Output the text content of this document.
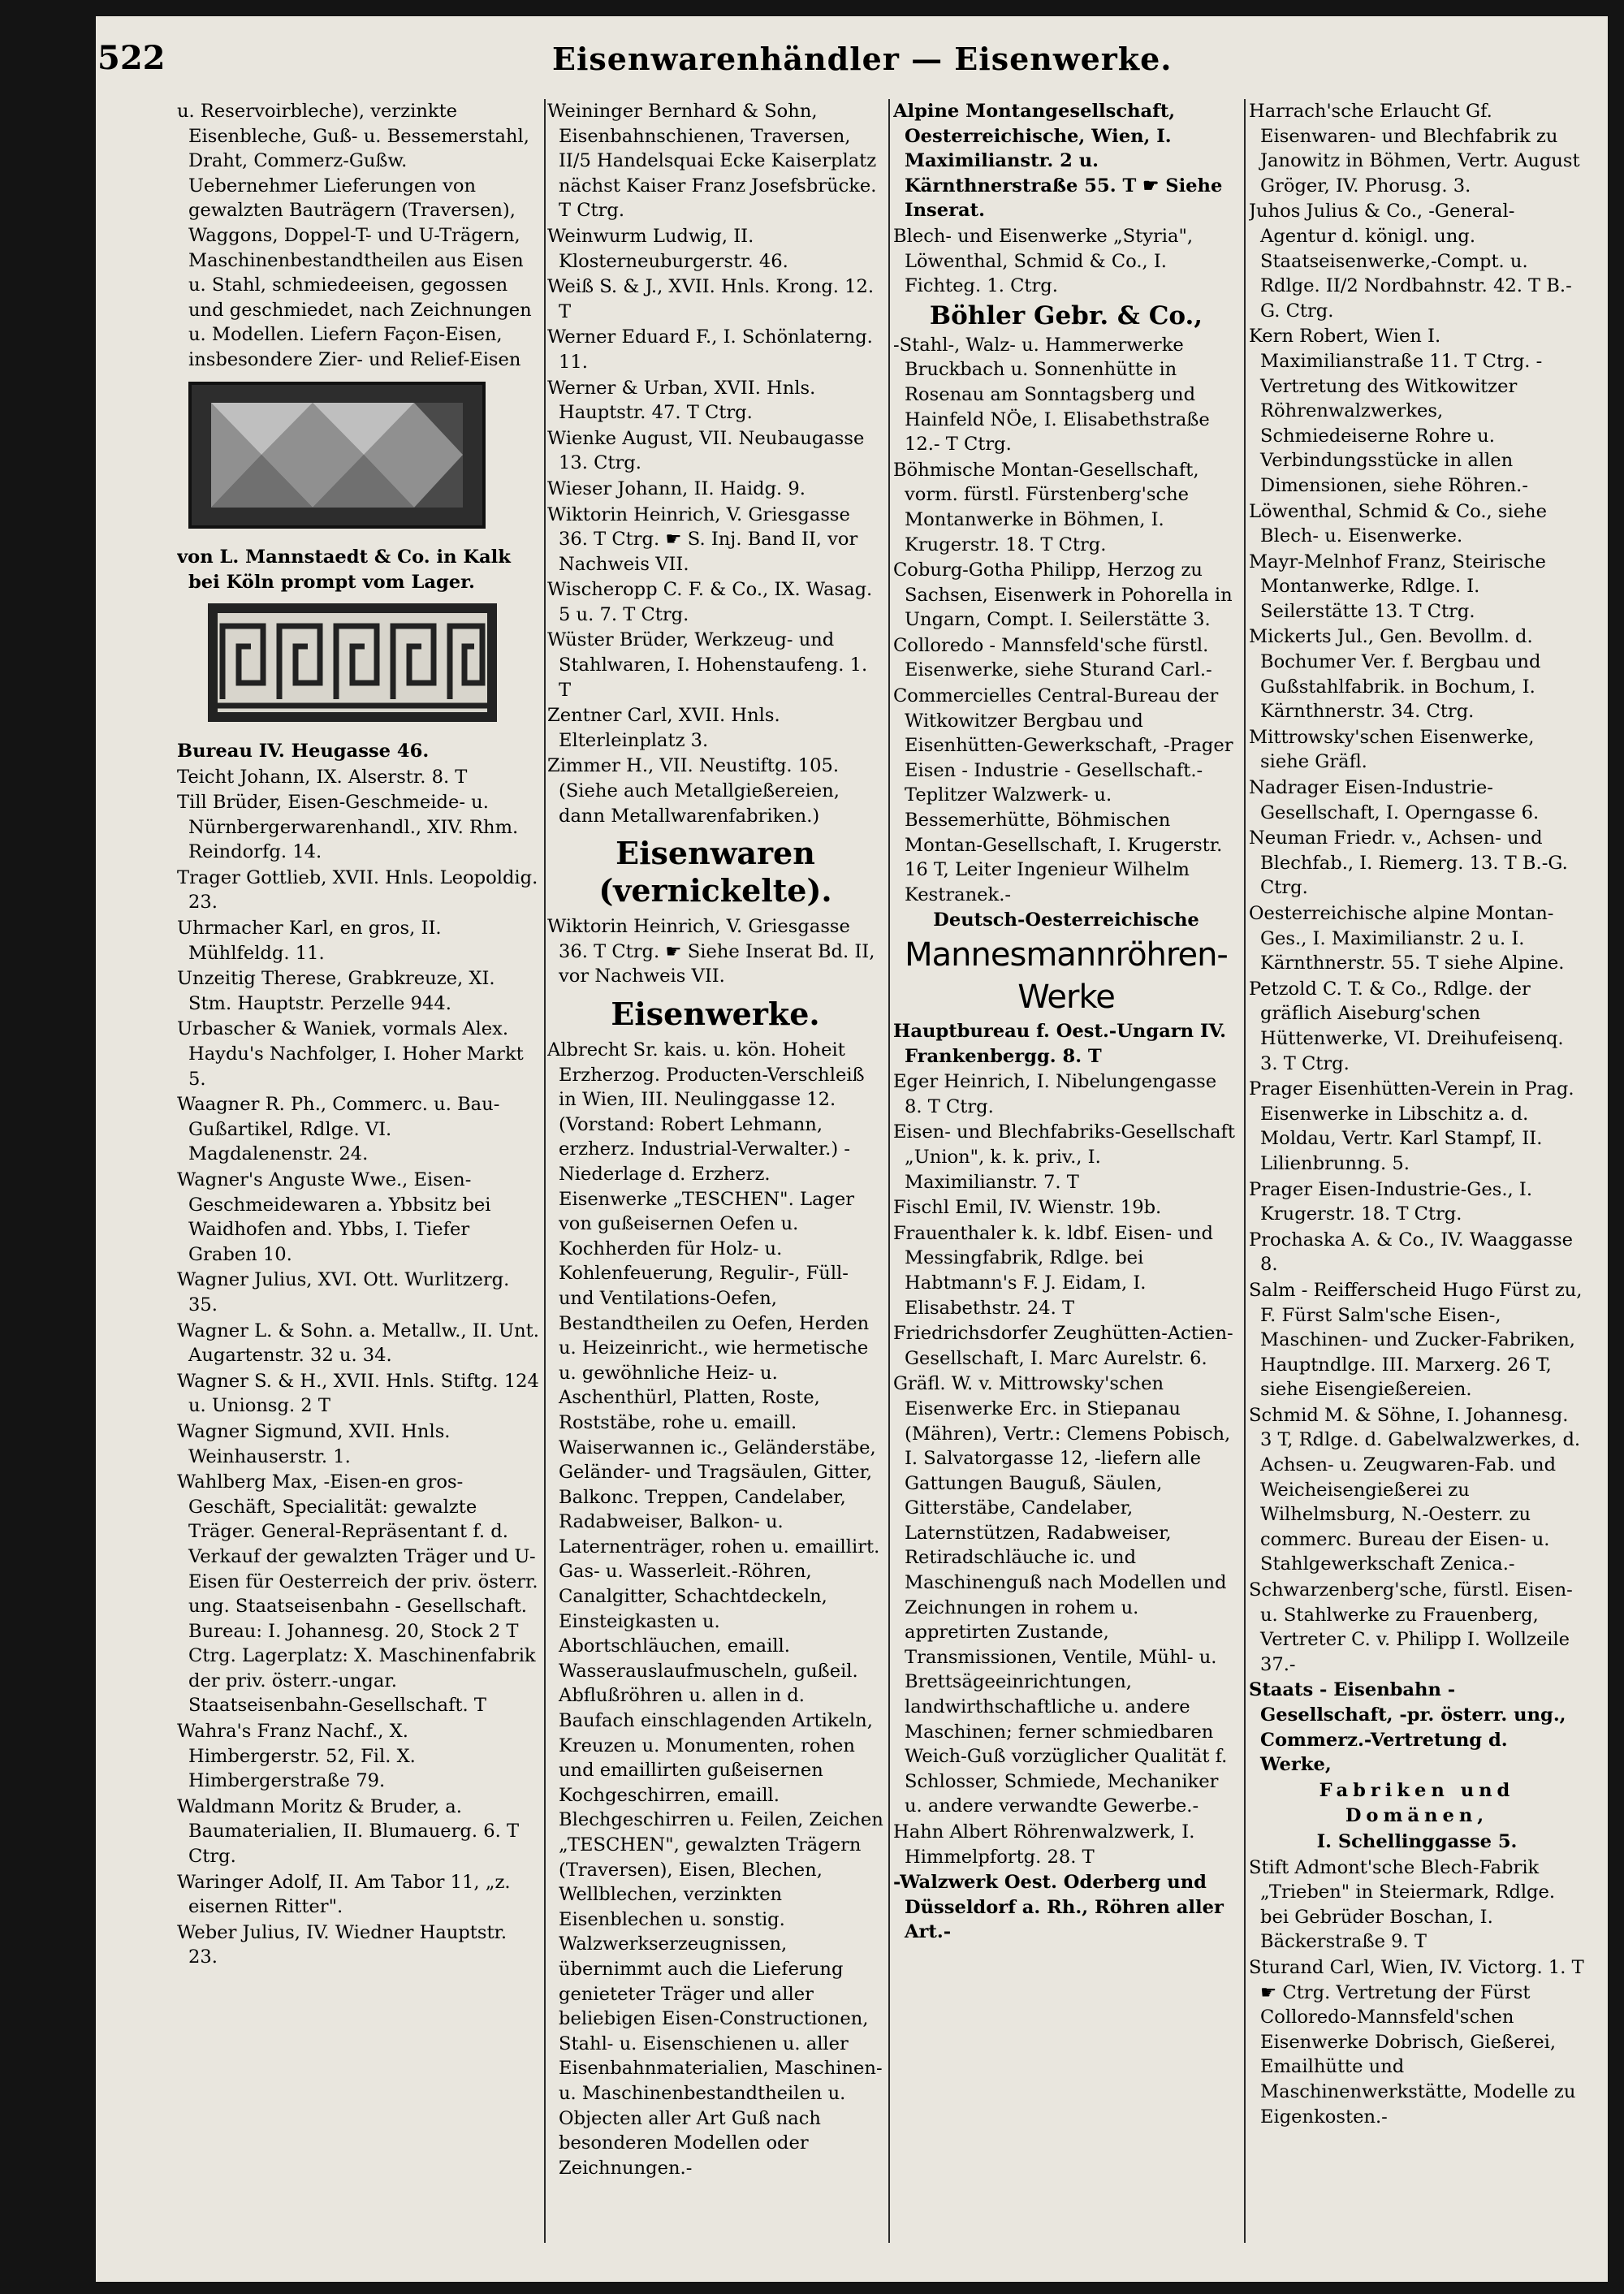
522	Eisenwarenhändler — Eisenwerke.

u. Reservoirbleche), verzinkte Eisenbleche, Guß- u. Bessemerstahl, Draht, Commerz-Gußw. Uebernehmer Lieferungen von gewalzten Bauträgern (Traversen), Waggons, Doppel-T- und U-Trägern, Maschinenbestandtheilen aus Eisen u. Stahl, schmiedeeisen, gegossen und geschmiedet, nach Zeichnungen u. Modellen. Liefern Façon-Eisen, insbesondere Zier- und Relief-Eisen

von L. Mannstaedt & Co. in Kalk bei Köln prompt vom Lager.

Bureau IV. Heugasse 46.

Teicht Johann, IX. Alserstr. 8. T

Till Brüder, Eisen-Geschmeide- u. Nürnbergerwarenhandl., XIV. Rhm. Reindorfg. 14.

Trager Gottlieb, XVII. Hnls. Leopoldig. 23.

Uhrmacher Karl, en gros, II. Mühlfeldg. 11.

Unzeitig Therese, Grabkreuze, XI. Stm. Hauptstr. Perzelle 944.

Urbascher & Waniek, vormals Alex. Haydu's Nachfolger, I. Hoher Markt 5.

Waagner R. Ph., Commerc. u. Bau-Gußartikel, Rdlge. VI. Magdalenenstr. 24.

Wagner's Anguste Wwe., Eisen-Geschmeidewaren a. Ybbsitz bei Waidhofen and. Ybbs, I. Tiefer Graben 10.

Wagner Julius, XVI. Ott. Wurlitzerg. 35.

Wagner L. & Sohn. a. Metallw., II. Unt. Augartenstr. 32 u. 34.

Wagner S. & H., XVII. Hnls. Stiftg. 124 u. Unionsg. 2 T

Wagner Sigmund, XVII. Hnls. Weinhauserstr. 1.

Wahlberg Max, -Eisen-en gros-Geschäft, Specialität: gewalzte Träger. General-Repräsentant f. d. Verkauf der gewalzten Träger und U-Eisen für Oesterreich der priv. österr. ung. Staatseisenbahn - Gesellschaft. Bureau: I. Johannesg. 20, Stock 2 T Ctrg. Lagerplatz: X. Maschinenfabrik der priv. österr.-ungar. Staatseisenbahn-Gesellschaft. T

Wahra's Franz Nachf., X. Himbergerstr. 52, Fil. X. Himbergerstraße 79.

Waldmann Moritz & Bruder, a. Baumaterialien, II. Blumauerg. 6. T Ctrg.

Waringer Adolf, II. Am Tabor 11, „z. eisernen Ritter".

Weber Julius, IV. Wiedner Hauptstr. 23.

Weininger Bernhard & Sohn, Eisenbahnschienen, Traversen, II/5 Handelsquai Ecke Kaiserplatz nächst Kaiser Franz Josefsbrücke. T Ctrg.

Weinwurm Ludwig, II. Klosterneuburgerstr. 46.

Weiß S. & J., XVII. Hnls. Krong. 12. T

Werner Eduard F., I. Schönlaterng. 11.

Werner & Urban, XVII. Hnls. Hauptstr. 47. T Ctrg.

Wienke August, VII. Neubaugasse 13. Ctrg.

Wieser Johann, II. Haidg. 9.

Wiktorin Heinrich, V. Griesgasse 36. T Ctrg. ☛ S. Inj. Band II, vor Nachweis VII.

Wischeropp C. F. & Co., IX. Wasag. 5 u. 7. T Ctrg.

Wüster Brüder, Werkzeug- und Stahlwaren, I. Hohenstaufeng. 1. T

Zentner Carl, XVII. Hnls. Elterleinplatz 3.

Zimmer H., VII. Neustiftg. 105. (Siehe auch Metallgießereien, dann Metallwarenfabriken.)

Eisenwaren (vernickelte).

Wiktorin Heinrich, V. Griesgasse 36. T Ctrg. ☛ Siehe Inserat Bd. II, vor Nachweis VII.

Eisenwerke.

Albrecht Sr. kais. u. kön. Hoheit Erzherzog. Producten-Verschleiß in Wien, III. Neulinggasse 12. (Vorstand: Robert Lehmann, erzherz. Industrial-Verwalter.) -Niederlage d. Erzherz. Eisenwerke „TESCHEN". Lager von gußeisernen Oefen u. Kochherden für Holz- u. Kohlenfeuerung, Regulir-, Füll- und Ventilations-Oefen, Bestandtheilen zu Oefen, Herden u. Heizeinricht., wie hermetische u. gewöhnliche Heiz- u. Aschenthürl, Platten, Roste, Roststäbe, rohe u. emaill. Waiserwannen ic., Geländerstäbe, Geländer- und Tragsäulen, Gitter, Balkonc. Treppen, Candelaber, Radabweiser, Balkon- u. Laternenträger, rohen u. emaillirt. Gas- u. Wasserleit.-Röhren, Canalgitter, Schachtdeckeln, Einsteigkasten u. Abortschläuchen, emaill. Wasserauslaufmuscheln, gußeil. Abflußröhren u. allen in d. Baufach einschlagenden Artikeln, Kreuzen u. Monumenten, rohen und emaillirten gußeisernen Kochgeschirren, emaill. Blechgeschirren u. Feilen, Zeichen „TESCHEN", gewalzten Trägern (Traversen), Eisen, Blechen, Wellblechen, verzinkten Eisenblechen u. sonstig. Walzwerkserzeugnissen, übernimmt auch die Lieferung genieteter Träger und aller beliebigen Eisen-Constructionen, Stahl- u. Eisenschienen u. aller Eisenbahnmaterialien, Maschinen- u. Maschinenbestandtheilen u. Objecten aller Art Guß nach besonderen Modellen oder Zeichnungen.-

Alpine Montangesellschaft, Oesterreichische, Wien, I. Maximilianstr. 2 u. Kärnthnerstraße 55. T ☛ Siehe Inserat.

Blech- und Eisenwerke „Styria", Löwenthal, Schmid & Co., I. Fichteg. 1. Ctrg.

Böhler Gebr. & Co.,

-Stahl-, Walz- u. Hammerwerke Bruckbach u. Sonnenhütte in Rosenau am Sonntagsberg und Hainfeld NÖe, I. Elisabethstraße 12.- T Ctrg.

Böhmische Montan-Gesellschaft, vorm. fürstl. Fürstenberg'sche Montanwerke in Böhmen, I. Krugerstr. 18. T Ctrg.

Coburg-Gotha Philipp, Herzog zu Sachsen, Eisenwerk in Pohorella in Ungarn, Compt. I. Seilerstätte 3.

Colloredo - Mannsfeld'sche fürstl. Eisenwerke, siehe Sturand Carl.-

Commercielles Central-Bureau der Witkowitzer Bergbau und Eisenhütten-Gewerkschaft, -Prager Eisen - Industrie - Gesellschaft.- Teplitzer Walzwerk- u. Bessemerhütte, Böhmischen Montan-Gesellschaft, I. Krugerstr. 16 T, Leiter Ingenieur Wilhelm Kestranek.-

Deutsch-Oesterreichische

Mannesmannröhren-Werke

Hauptbureau f. Oest.-Ungarn IV. Frankenbergg. 8. T

Eger Heinrich, I. Nibelungengasse 8. T Ctrg.

Eisen- und Blechfabriks-Gesellschaft „Union", k. k. priv., I. Maximilianstr. 7. T

Fischl Emil, IV. Wienstr. 19b.

Frauenthaler k. k. ldbf. Eisen- und Messingfabrik, Rdlge. bei Habtmann's F. J. Eidam, I. Elisabethstr. 24. T

Friedrichsdorfer Zeughütten-Actien-Gesellschaft, I. Marc Aurelstr. 6.

Gräfl. W. v. Mittrowsky'schen Eisenwerke Erc. in Stiepanau (Mähren), Vertr.: Clemens Pobisch, I. Salvatorgasse 12, -liefern alle Gattungen Bauguß, Säulen, Gitterstäbe, Candelaber, Laternstützen, Radabweiser, Retiradschläuche ic. und Maschinenguß nach Modellen und Zeichnungen in rohem u. appretirten Zustande, Transmissionen, Ventile, Mühl- u. Brettsägeeinrichtungen, landwirthschaftliche u. andere Maschinen; ferner schmiedbaren Weich-Guß vorzüglicher Qualität f. Schlosser, Schmiede, Mechaniker u. andere verwandte Gewerbe.-

Hahn Albert Röhrenwalzwerk, I. Himmelpfortg. 28. T

-Walzwerk Oest. Oderberg und Düsseldorf a. Rh., Röhren aller Art.-

Harrach'sche Erlaucht Gf. Eisenwaren- und Blechfabrik zu Janowitz in Böhmen, Vertr. August Gröger, IV. Phorusg. 3.

Juhos Julius & Co., -General-Agentur d. königl. ung. Staatseisenwerke,-Compt. u. Rdlge. II/2 Nordbahnstr. 42. T B.-G. Ctrg.

Kern Robert, Wien I. Maximilianstraße 11. T Ctrg. -Vertretung des Witkowitzer Röhrenwalzwerkes, Schmiedeiserne Rohre u. Verbindungsstücke in allen Dimensionen, siehe Röhren.-

Löwenthal, Schmid & Co., siehe Blech- u. Eisenwerke.

Mayr-Melnhof Franz, Steirische Montanwerke, Rdlge. I. Seilerstätte 13. T Ctrg.

Mickerts Jul., Gen. Bevollm. d. Bochumer Ver. f. Bergbau und Gußstahlfabrik. in Bochum, I. Kärnthnerstr. 34. Ctrg.

Mittrowsky'schen Eisenwerke, siehe Gräfl.

Nadrager Eisen-Industrie-Gesellschaft, I. Operngasse 6.

Neuman Friedr. v., Achsen- und Blechfab., I. Riemerg. 13. T B.-G. Ctrg.

Oesterreichische alpine Montan-Ges., I. Maximilianstr. 2 u. I. Kärnthnerstr. 55. T siehe Alpine.

Petzold C. T. & Co., Rdlge. der gräflich Aiseburg'schen Hüttenwerke, VI. Dreihufeisenq. 3. T Ctrg.

Prager Eisenhütten-Verein in Prag. Eisenwerke in Libschitz a. d. Moldau, Vertr. Karl Stampf, II. Lilienbrunng. 5.

Prager Eisen-Industrie-Ges., I. Krugerstr. 18. T Ctrg.

Prochaska A. & Co., IV. Waaggasse 8.

Salm - Reifferscheid Hugo Fürst zu, F. Fürst Salm'sche Eisen-, Maschinen- und Zucker-Fabriken, Hauptndlge. III. Marxerg. 26 T, siehe Eisengießereien.

Schmid M. & Söhne, I. Johannesg. 3 T, Rdlge. d. Gabelwalzwerkes, d. Achsen- u. Zeugwaren-Fab. und Weicheisengießerei zu Wilhelmsburg, N.-Oesterr. zu commerc. Bureau der Eisen- u. Stahlgewerkschaft Zenica.-

Schwarzenberg'sche, fürstl. Eisen- u. Stahlwerke zu Frauenberg, Vertreter C. v. Philipp I. Wollzeile 37.-

Staats - Eisenbahn - Gesellschaft, -pr. österr. ung., Commerz.-Vertretung d. Werke,

Fabriken und

Domänen,

I. Schellinggasse 5.

Stift Admont'sche Blech-Fabrik „Trieben" in Steiermark, Rdlge. bei Gebrüder Boschan, I. Bäckerstraße 9. T

Sturand Carl, Wien, IV. Victorg. 1. T ☛ Ctrg. Vertretung der Fürst Colloredo-Mannsfeld'schen Eisenwerke Dobrisch, Gießerei, Emailhütte und Maschinenwerkstätte, Modelle zu Eigenkosten.-
